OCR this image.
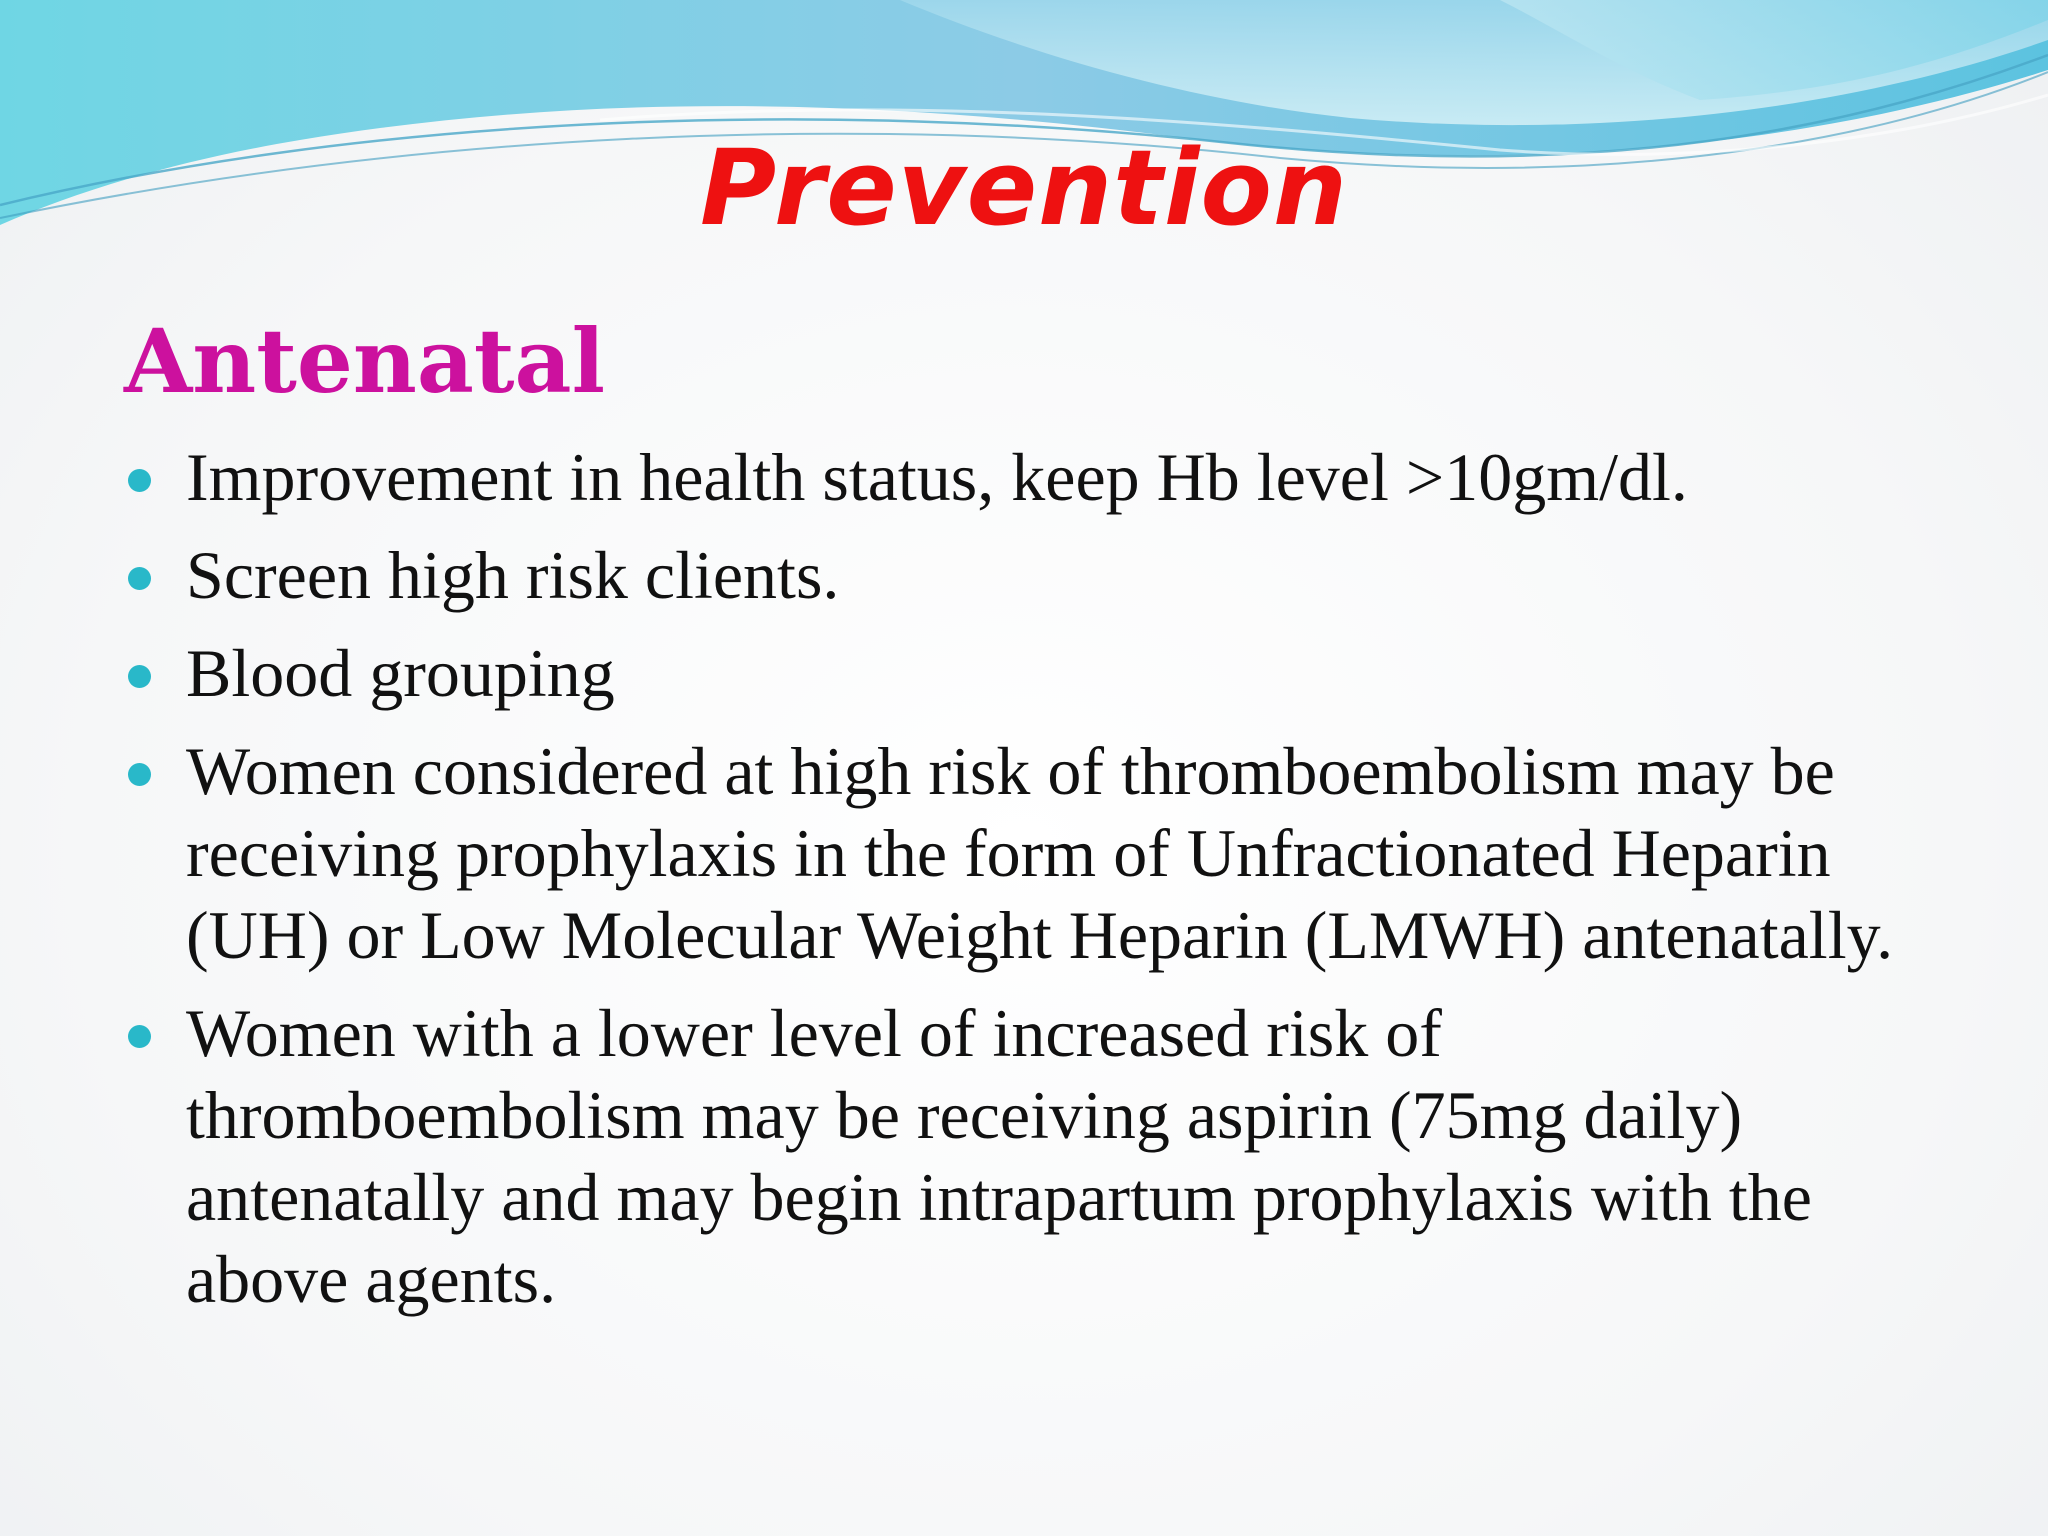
Prevention
Antenatal
Improvement in health status, keep Hb level >10gm/dl.
Screen high risk clients.
Blood grouping
Women considered at high risk of thromboembolism may be receiving prophylaxis in the form of Unfractionated Heparin (UH) or Low Molecular Weight Heparin (LMWH) antenatally.
Women with a lower level of increased risk of thromboembolism may be receiving aspirin (75mg daily) antenatally and may begin intrapartum prophylaxis with the above agents.
